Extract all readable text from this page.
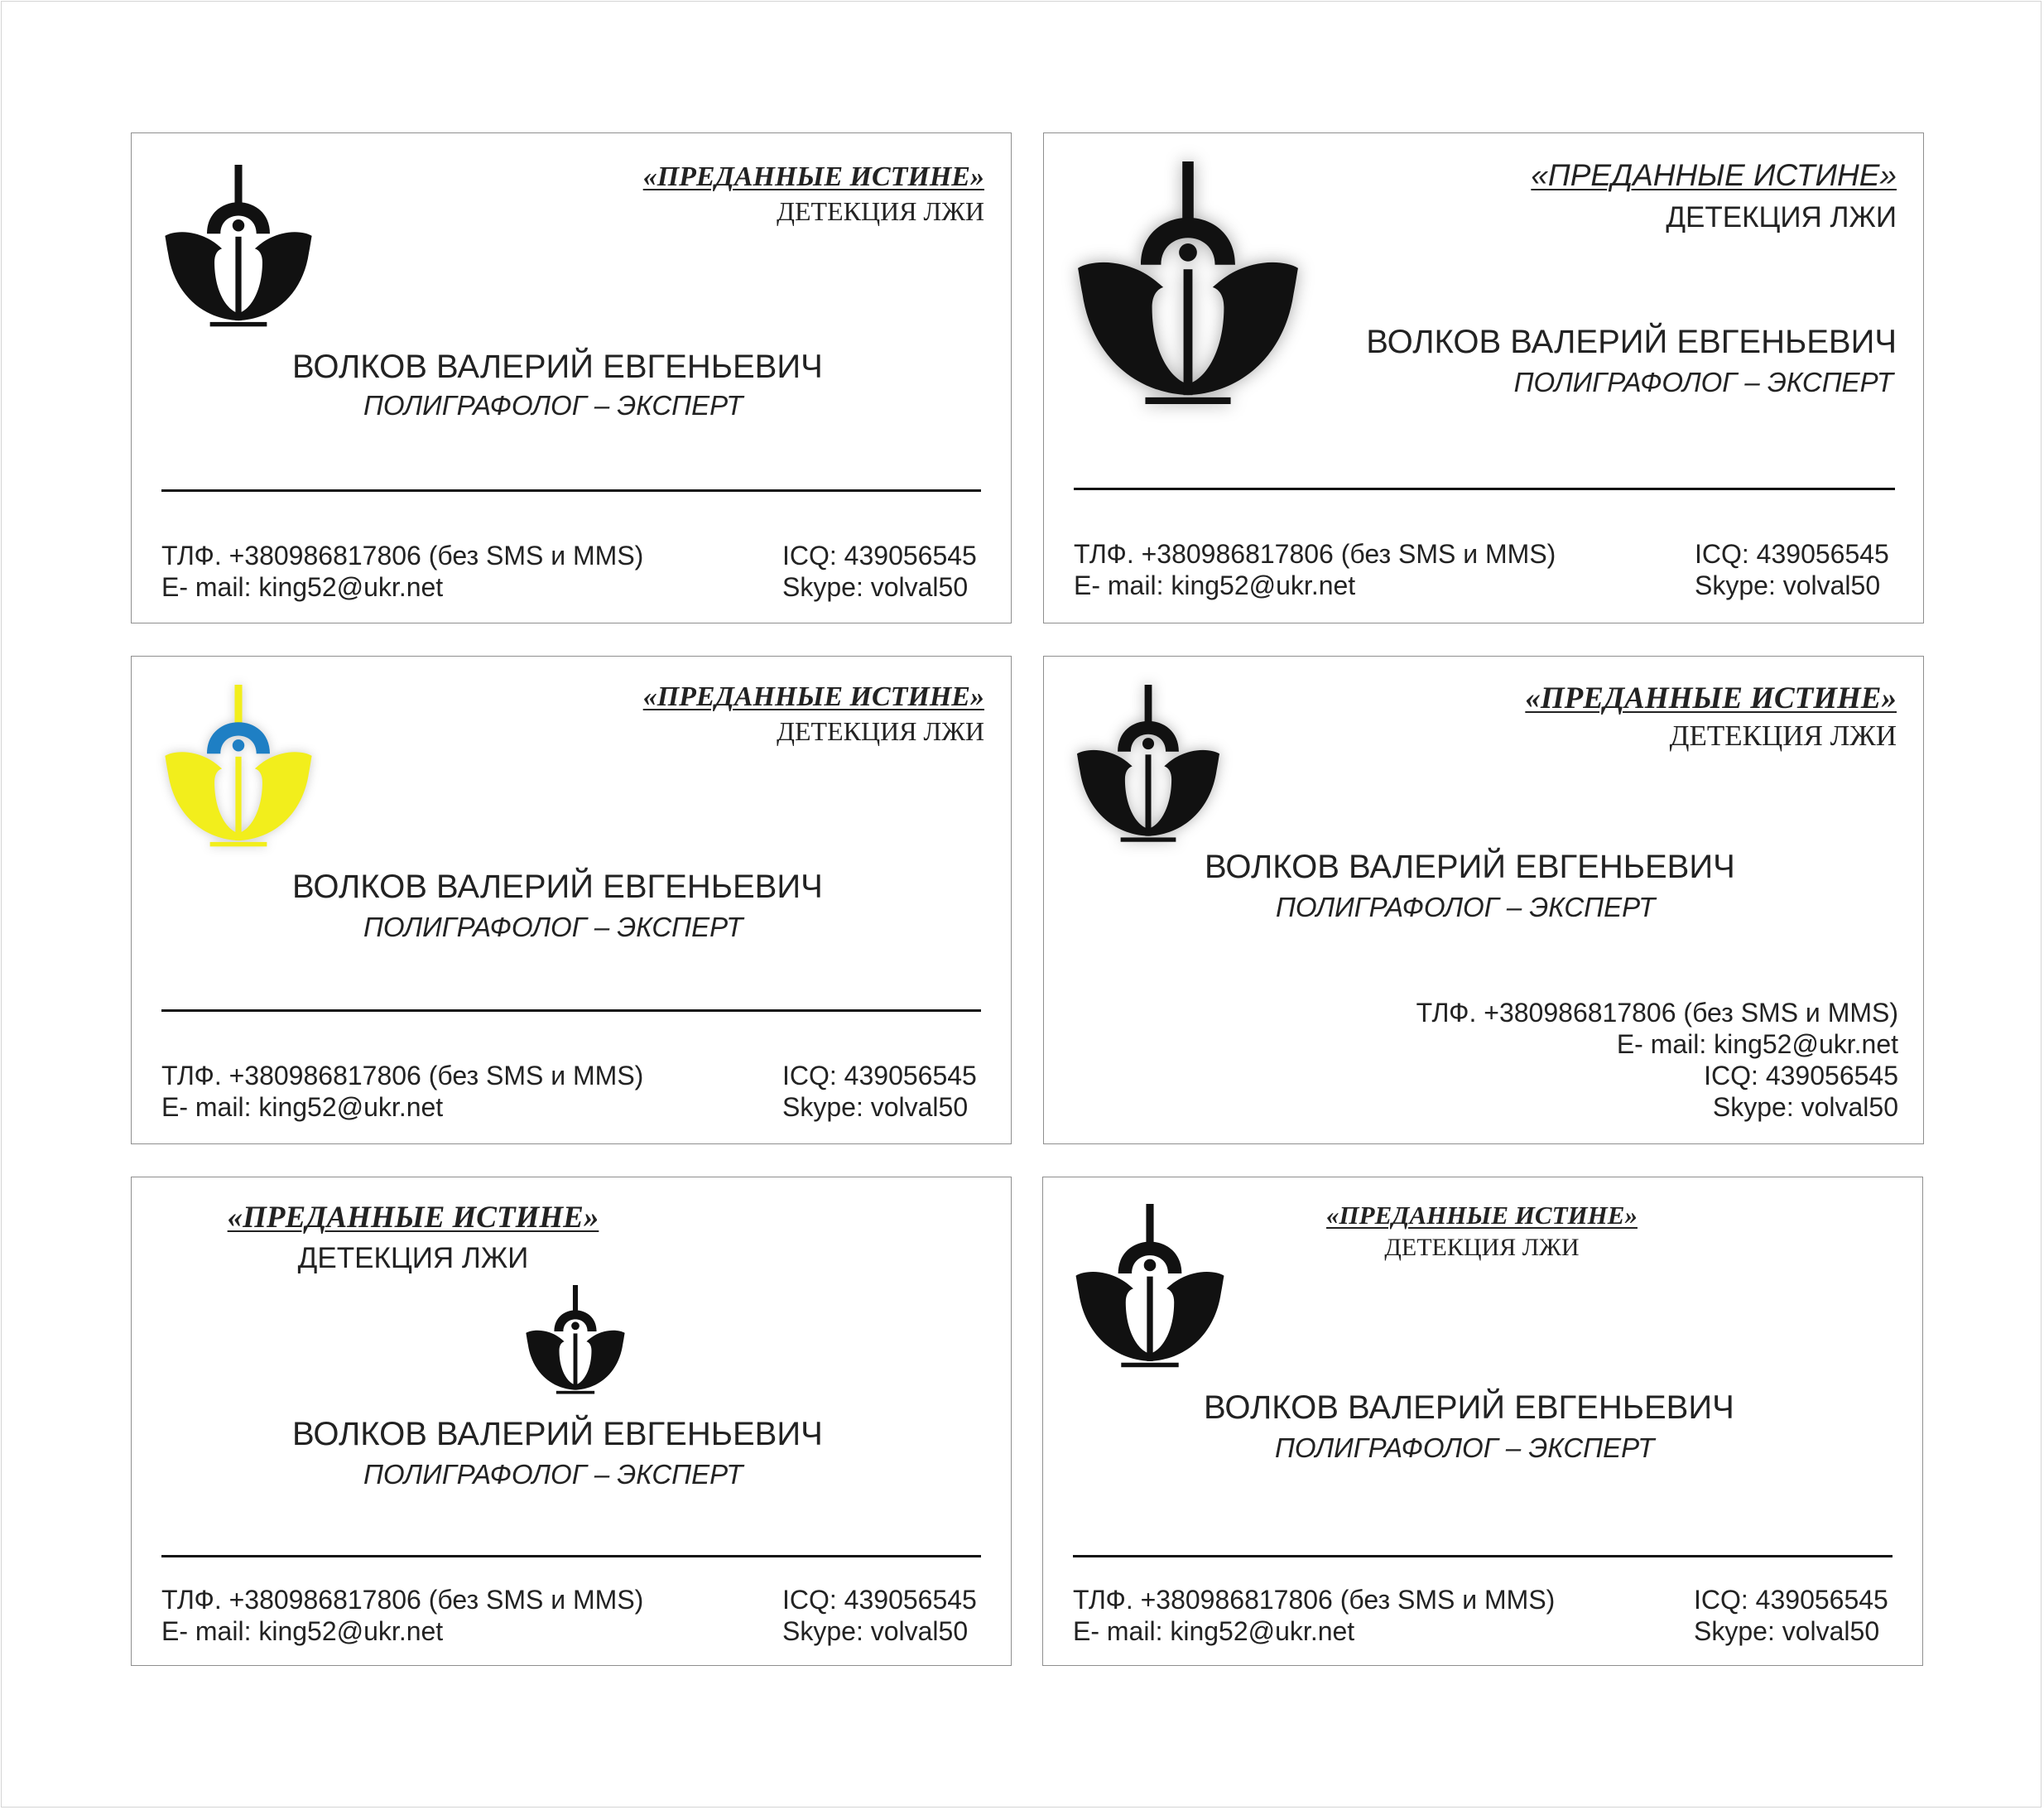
«ПРЕДАННЫЕ ИСТИНЕ»
ДЕТЕКЦИЯ ЛЖИ
ВОЛКОВ ВАЛЕРИЙ ЕВГЕНЬЕВИЧ
ПОЛИГРАФОЛОГ – ЭКСПЕРТ
ТЛФ. +380986817806 (без SMS и MMS)
E- mail: king52@ukr.net
ICQ: 439056545
Skype: volval50
«ПРЕДАННЫЕ ИСТИНЕ»
ДЕТЕКЦИЯ ЛЖИ
ВОЛКОВ ВАЛЕРИЙ ЕВГЕНЬЕВИЧ
ПОЛИГРАФОЛОГ – ЭКСПЕРТ
ТЛФ. +380986817806 (без SMS и MMS)
E- mail: king52@ukr.net
ICQ: 439056545
Skype: volval50
«ПРЕДАННЫЕ ИСТИНЕ»
ДЕТЕКЦИЯ ЛЖИ
ВОЛКОВ ВАЛЕРИЙ ЕВГЕНЬЕВИЧ
ПОЛИГРАФОЛОГ – ЭКСПЕРТ
ТЛФ. +380986817806 (без SMS и MMS)
E- mail: king52@ukr.net
ICQ: 439056545
Skype: volval50
«ПРЕДАННЫЕ ИСТИНЕ»
ДЕТЕКЦИЯ ЛЖИ
ВОЛКОВ ВАЛЕРИЙ ЕВГЕНЬЕВИЧ
ПОЛИГРАФОЛОГ – ЭКСПЕРТ
ТЛФ. +380986817806 (без SMS и MMS)
E- mail: king52@ukr.net
ICQ: 439056545
Skype: volval50
«ПРЕДАННЫЕ ИСТИНЕ»
ДЕТЕКЦИЯ ЛЖИ
ВОЛКОВ ВАЛЕРИЙ ЕВГЕНЬЕВИЧ
ПОЛИГРАФОЛОГ – ЭКСПЕРТ
ТЛФ. +380986817806 (без SMS и MMS)
E- mail: king52@ukr.net
ICQ: 439056545
Skype: volval50
«ПРЕДАННЫЕ ИСТИНЕ»
ДЕТЕКЦИЯ ЛЖИ
ВОЛКОВ ВАЛЕРИЙ ЕВГЕНЬЕВИЧ
ПОЛИГРАФОЛОГ – ЭКСПЕРТ
ТЛФ. +380986817806 (без SMS и MMS)
E- mail: king52@ukr.net
ICQ: 439056545
Skype: volval50
